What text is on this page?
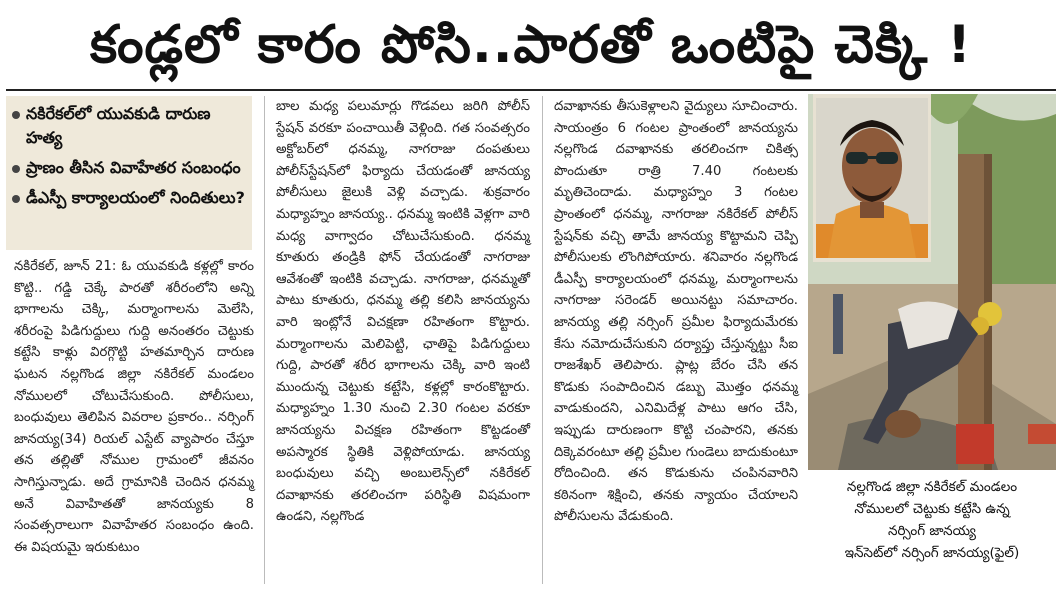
కండ్లలో కారం పోసి..పారతో ఒంటిపై చెక్కి !
నకిరేకల్‌లో యువకుడి దారుణ హత్య
ప్రాణం తీసిన వివాహేతర సంబంధం
డీఎస్పీ కార్యాలయంలో నిందితులు?

నకిరేకల్‌, జూన్‌ 21: ఓ యువకుడి కళ్లల్లో కారం కొట్టి.. గడ్డి చెక్కే పారతో శరీరంలోని అన్ని భాగాలను చెక్కి, మర్మాంగాలను మెలేసి, శరీరంపై పిడిగుద్దులు గుద్ది అనంతరం చెట్టుకు కట్టేసి కాళ్లు విరగ్గొట్టి హతమార్చిన దారుణ ఘటన నల్లగొండ జిల్లా నకిరేకల్‌ మండలం నోములలో చోటుచేసుకుంది. పోలీసులు, బంధువులు తెలిపిన వివరాల ప్రకారం.. నర్సింగ్‌ జానయ్య(34) రియల్‌ ఎస్టేట్‌ వ్యాపారం చేస్తూ తన తల్లితో నోముల గ్రామంలో జీవనం సాగిస్తున్నాడు. అదే గ్రామానికి చెందిన ధనమ్మ అనే వివాహితతో జానయ్యకు 8 సంవత్సరాలుగా వివాహేతర సంబంధం ఉంది. ఈ విషయమై ఇరుకుటుం

బాల మధ్య పలుమార్లు గొడవలు జరిగి పోలీస్‌ స్టేషన్‌ వరకూ పంచాయితీ వెళ్లింది. గత సంవత్సరం అక్టోబర్‌లో ధనమ్మ, నాగరాజు దంపతులు పోలీస్‌స్టేషన్‌లో ఫిర్యాదు చేయడంతో జానయ్య పోలీసులు జైలుకి వెళ్లి వచ్చాడు. శుక్రవారం మధ్యాహ్నం జానయ్య.. ధనమ్మ ఇంటికి వెళ్లగా వారి మధ్య వాగ్వాదం చోటుచేసుకుంది. ధనమ్మ కూతురు తండ్రికి ఫోన్‌ చేయడంతో నాగరాజు ఆవేశంతో ఇంటికి వచ్చాడు. నాగరాజు, ధనమ్మతో పాటు కూతురు, ధనమ్మ తల్లి కలిసి జానయ్యను వారి ఇంట్లోనే విచక్షణా రహితంగా కొట్టారు. మర్మాంగాలను మెలిపెట్టి, ఛాతిపై పిడిగుద్దులు గుద్ది, పారతో శరీర భాగాలను చెక్కి వారి ఇంటి ముందున్న చెట్టుకు కట్టేసి, కళ్లల్లో కారంకొట్టారు. మధ్యాహ్నం 1.30 నుంచి 2.30 గంటల వరకూ జానయ్యను విచక్షణ రహితంగా కొట్టడంతో అపస్మారక స్థితికి వెళ్లిపోయాడు. జానయ్య బంధువులు వచ్చి అంబులెన్స్‌లో నకిరేకల్‌ దవాఖానకు తరలించగా పరిస్థితి విషమంగా ఉండని, నల్లగొండ

దవాఖానకు తీసుకెళ్లాలని వైద్యులు సూచించారు. సాయంత్రం 6 గంటల ప్రాంతంలో జానయ్యను నల్లగొండ దవాఖానకు తరలించగా చికిత్స పొందుతూ రాత్రి 7.40 గంటలకు మృతిచెందాడు. మధ్యాహ్నం 3 గంటల ప్రాంతంలో ధనమ్మ, నాగరాజు నకిరేకల్‌ పోలీస్‌ స్టేషన్‌కు వచ్చి తామే జానయ్య కొట్టామని చెప్పి పోలీసులకు లొంగిపోయారు. శనివారం నల్లగొండ డీఎస్పీ కార్యాలయంలో ధనమ్మ, మర్మాంగాలను నాగరాజు సరెండర్‌ అయినట్టు సమాచారం. జానయ్య తల్లి నర్సింగ్‌ ప్రమీల ఫిర్యాదుమేరకు కేసు నమోదుచేసుకుని దర్యాప్తు చేస్తున్నట్టు సీఐ రాజశేఖర్‌ తెలిపారు. ప్లాట్ల బేరం చేసి తన కొడుకు సంపాదించిన డబ్బు మొత్తం ధనమ్మ వాడుకుందని, ఎనిమిదేళ్ల పాటు ఆగం చేసి, ఇప్పుడు దారుణంగా కొట్టి చంపారని, తనకు దిక్కెవరంటూ తల్లి ప్రమీల గుండెలు బాదుకుంటూ రోదించింది. తన కొడుకును చంపినవారిని కఠినంగా శిక్షించి, తనకు న్యాయం చేయాలని పోలీసులను వేడుకుంది.

నల్లగొండ జిల్లా నకిరేకల్‌ మండలం
నోములలో చెట్టుకు కట్టేసి ఉన్న
నర్సింగ్‌ జానయ్య
ఇన్‌సెట్‌లో నర్సింగ్‌ జానయ్య(ఫైల్‌)
